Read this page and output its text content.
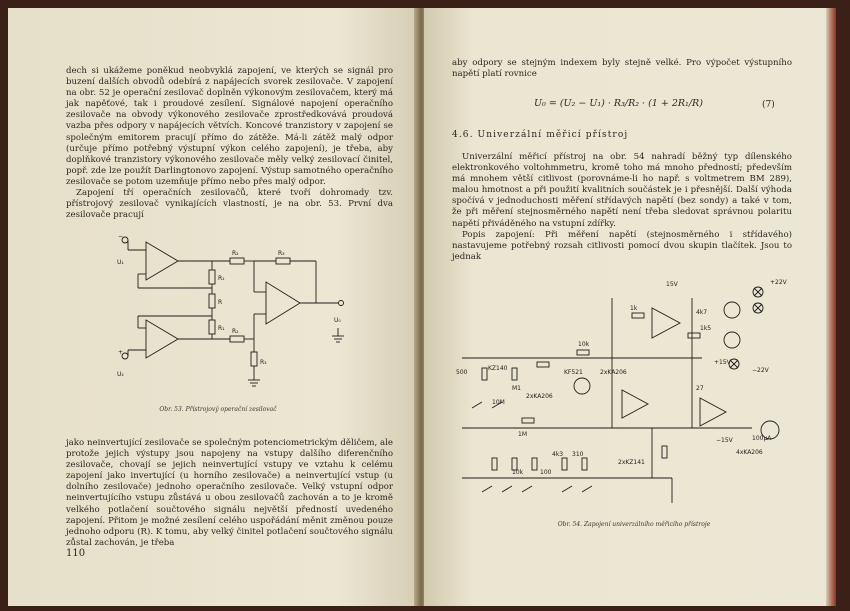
dech si ukážeme poněkud neobvyklá zapojení, ve kterých se signál pro buzení dalších obvodů odebírá z napájecích svorek zesilovače. V zapojení na obr. 52 je operační zesilovač doplněn výkonovým zesilovačem, který má jak napěťové, tak i proudové zesílení. Signálové napojení operačního zesilovače na obvody výkonového zesilovače zprostředkovává proudová vazba přes odpory v napájecích větvích. Koncové tranzistory v zapojení se společným emitorem pracují přímo do zátěže. Má-li zátěž malý odpor (určuje přímo potřebný výstupní výkon celého zapojení), je třeba, aby doplňkové tranzistory výkonového zesilovače měly velký zesilovací činitel, popř. zde lze použít Darlingtonovo zapojení. Výstup samotného operačního zesilovače se potom uzemňuje přímo nebo přes malý odpor.

Zapojení tří operačních zesilovačů, které tvoří dohromady tzv. přístrojový zesilovač vynikajících vlastností, je na obr. 53. První dva zesilovače pracují

U₁
U₂
−
+
R₁
R
R₁
R₂	R₃
U₀
R₂
R₃
Obr. 53. Přístrojový operační zesilovač
jako neinvertující zesilovače se společným potenciometrickým děličem, ale protože jejich výstupy jsou napojeny na vstupy dalšího diferenčního zesilovače, chovají se jejich neinvertující vstupy ve vztahu k celému zapojení jako invertující (u horního zesilovače) a neinvertující vstup (u dolního zesilovače) jednoho operačního zesilovače. Velký vstupní odpor neinvertujícího vstupu zůstává u obou zesilovačů zachován a to je kromě velkého potlačení součtového signálu největší předností uvedeného zapojení. Přitom je možné zesílení celého uspořádání měnit změnou pouze jednoho odporu (R). K tomu, aby velký činitel potlačení součtového signálu zůstal zachován, je třeba
110
aby odpory se stejným indexem byly stejně velké. Pro výpočet výstupního napětí platí rovnice
U₀ = (U₂ − U₁) · R₃/R₂ · (1 + 2R₁/R)	(7)
4.6. Univerzální měřicí přístroj

Univerzální měřicí přístroj na obr. 54 nahradí běžný typ dílenského elektronkového voltohmmetru, kromě toho má mnoho předností; především má mnohem větší citlivost (porovnáme-li ho např. s voltmetrem BM 289), malou hmotnost a při použití kvalitních součástek je i přesnější. Další výhoda spočívá v jednoduchosti měření střídavých napětí (bez sondy) a také v tom, že při měření stejnosměrného napětí není třeba sledovat správnou polaritu napětí přiváděného na vstupní zdířky.

Popis zapojení: Při měření napětí (stejnosměrného i střídavého) nastavujeme potřebný rozsah citlivosti pomocí dvou skupin tlačítek. Jsou to jednak

15V	+22V
−22V
+15V
−15V
1k
1k5
4k7
10k
KF521	2xKA206
KZ140
2xKA206
M1
10M
500
1M
4xKA206
100μA
2xKZ141
27
10k
4k3 310
100
Obr. 54. Zapojení univerzálního měřicího přístroje
